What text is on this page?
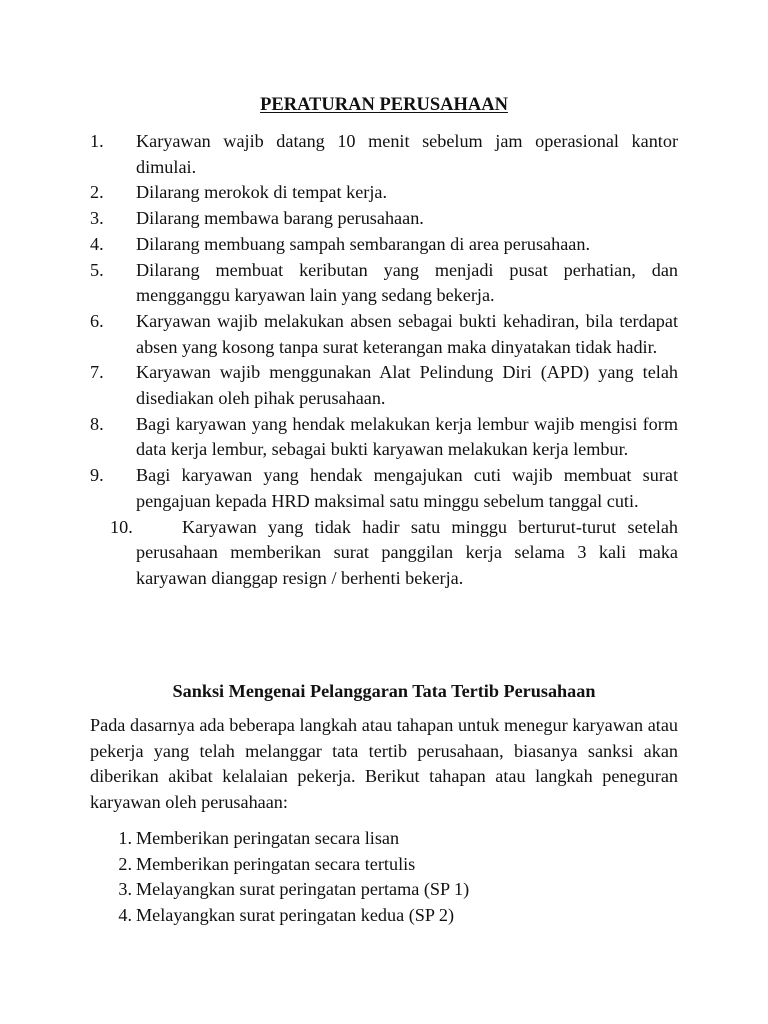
PERATURAN PERUSAHAAN
1.	Karyawan wajib datang 10 menit sebelum jam operasional kantor dimulai.
2.	Dilarang merokok di tempat kerja.
3.	Dilarang membawa barang perusahaan.
4.	Dilarang membuang sampah sembarangan di area perusahaan.
5.	Dilarang membuat keributan yang menjadi pusat perhatian, dan mengganggu karyawan lain yang sedang bekerja.
6.	Karyawan wajib melakukan absen sebagai bukti kehadiran, bila terdapat absen yang kosong tanpa surat keterangan maka dinyatakan tidak hadir.
7.	Karyawan wajib menggunakan Alat Pelindung Diri (APD) yang telah disediakan oleh pihak perusahaan.
8.	Bagi karyawan yang hendak melakukan kerja lembur wajib mengisi form data kerja lembur, sebagai bukti karyawan melakukan kerja lembur.
9.	Bagi karyawan yang hendak mengajukan cuti wajib membuat surat pengajuan kepada HRD maksimal satu minggu sebelum tanggal cuti.
10.	Karyawan yang tidak hadir satu minggu berturut-turut setelah perusahaan memberikan surat panggilan kerja selama 3 kali maka karyawan dianggap resign / berhenti bekerja.
Sanksi Mengenai Pelanggaran Tata Tertib Perusahaan

Pada dasarnya ada beberapa langkah atau tahapan untuk menegur karyawan atau pekerja yang telah melanggar tata tertib perusahaan, biasanya sanksi akan diberikan akibat kelalaian pekerja. Berikut tahapan atau langkah peneguran karyawan oleh perusahaan:

1. Memberikan peringatan secara lisan
2. Memberikan peringatan secara tertulis
3. Melayangkan surat peringatan pertama (SP 1)
4. Melayangkan surat peringatan kedua (SP 2)
